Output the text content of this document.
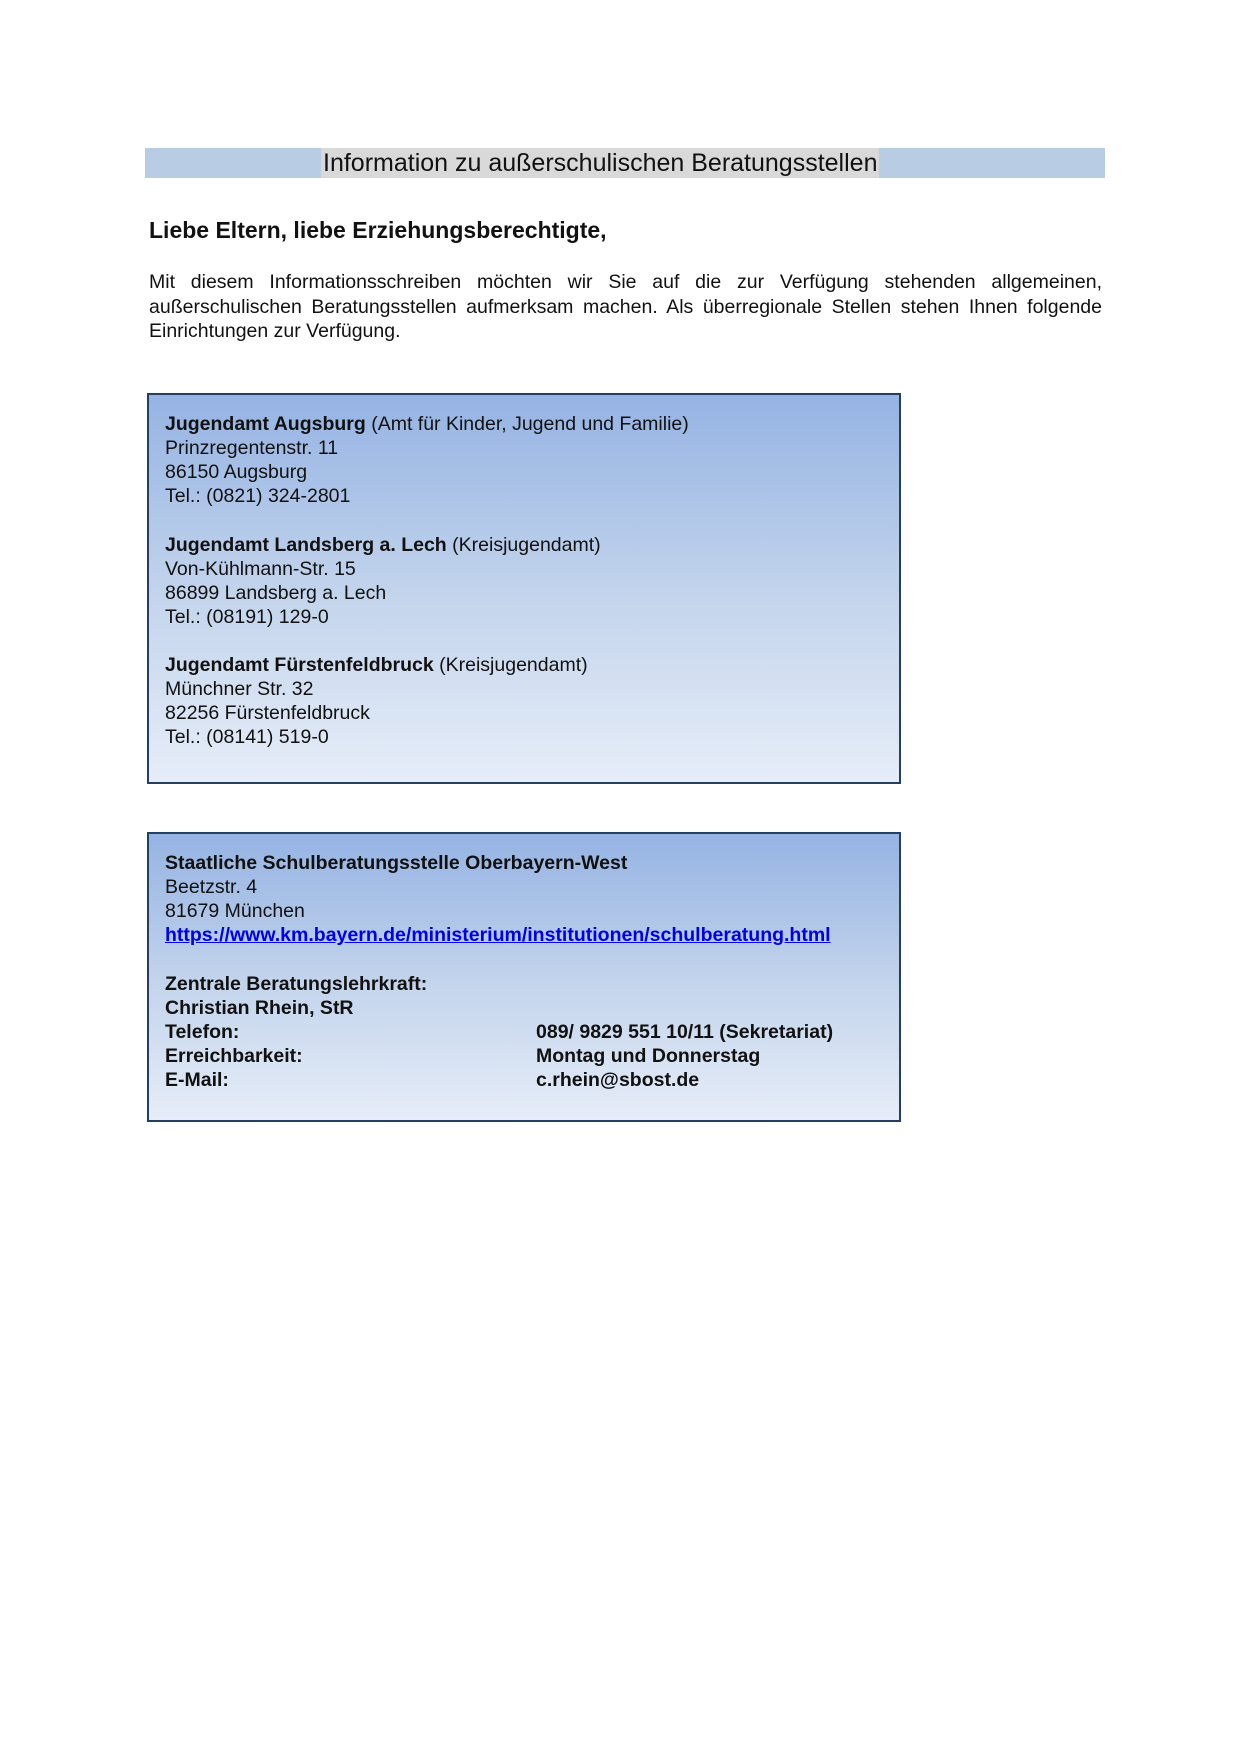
Information zu außerschulischen Beratungsstellen
Liebe Eltern, liebe Erziehungsberechtigte,

Mit diesem Informationsschreiben möchten wir Sie auf die zur Verfügung stehenden allgemeinen, außerschulischen Beratungsstellen aufmerksam machen. Als überregionale Stellen stehen Ihnen folgende Einrichtungen zur Verfügung.

Jugendamt Augsburg (Amt für Kinder, Jugend und Familie)
Prinzregentenstr. 11
86150 Augsburg
Tel.: (0821) 324-2801
Jugendamt Landsberg a. Lech (Kreisjugendamt)
Von-Kühlmann-Str. 15
86899 Landsberg a. Lech
Tel.: (08191) 129-0
Jugendamt Fürstenfeldbruck (Kreisjugendamt)
Münchner Str. 32
82256 Fürstenfeldbruck
Tel.: (08141) 519-0
Staatliche Schulberatungsstelle Oberbayern-West
Beetzstr. 4
81679 München
https://www.km.bayern.de/ministerium/institutionen/schulberatung.html
Zentrale Beratungslehrkraft:
Christian Rhein, StR
Telefon:	089/ 9829 551 10/11 (Sekretariat)
Erreichbarkeit:	Montag und Donnerstag
E-Mail:	c.rhein@sbost.de
